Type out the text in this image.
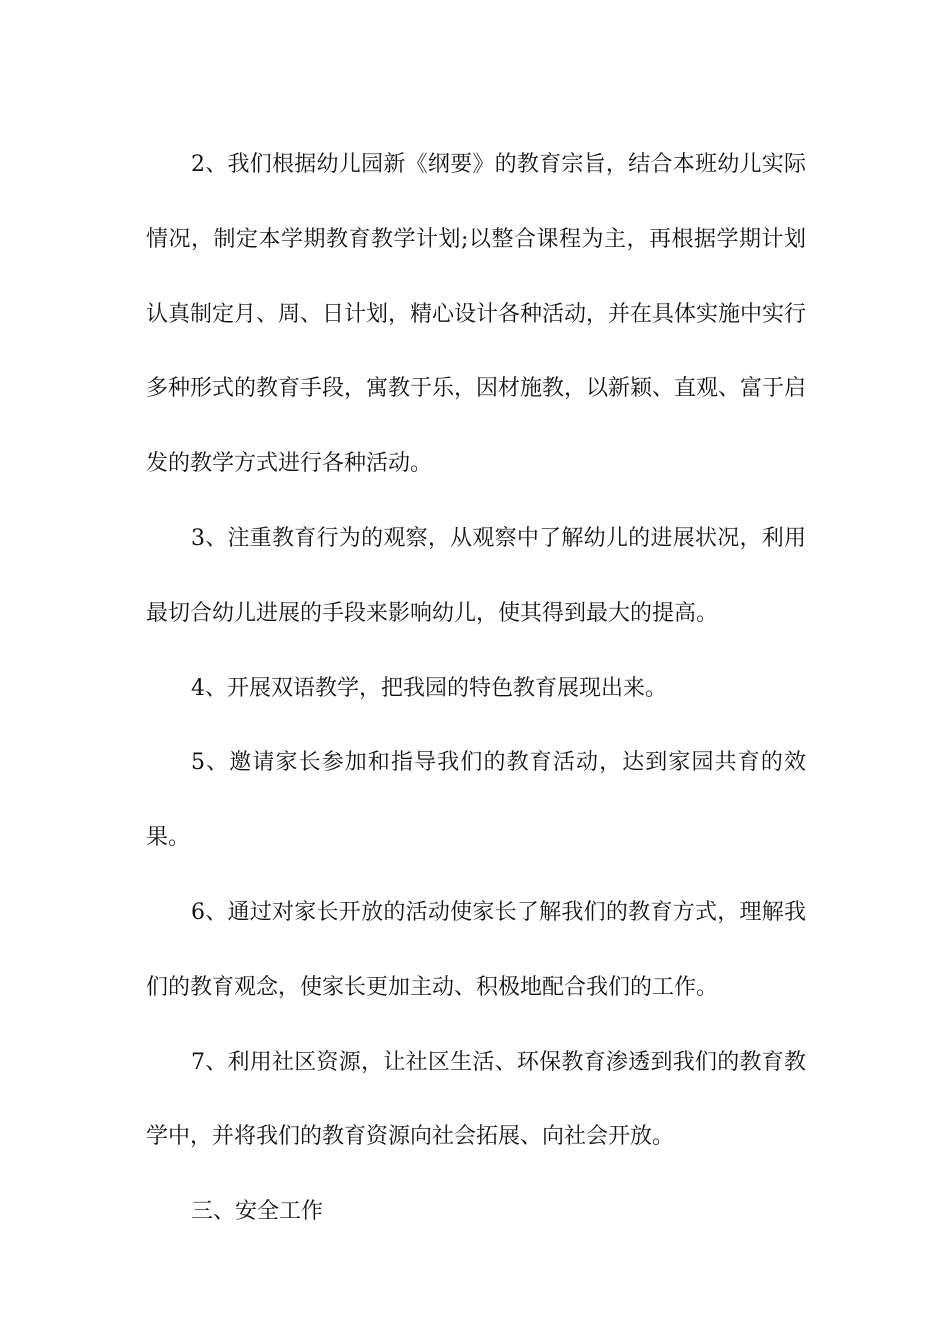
2、我们根据幼儿园新《纲要》的教育宗旨，结合本班幼儿实际情况，制定本学期教育教学计划;以整合课程为主，再根据学期计划认真制定月、周、日计划，精心设计各种活动，并在具体实施中实行多种形式的教育手段，寓教于乐，因材施教，以新颖、直观、富于启发的教学方式进行各种活动。

3、注重教育行为的观察，从观察中了解幼儿的进展状况，利用最切合幼儿进展的手段来影响幼儿，使其得到最大的提高。

4、开展双语教学，把我园的特色教育展现出来。

5、邀请家长参加和指导我们的教育活动，达到家园共育的效果。

6、通过对家长开放的活动使家长了解我们的教育方式，理解我们的教育观念，使家长更加主动、积极地配合我们的工作。

7、利用社区资源，让社区生活、环保教育渗透到我们的教育教学中，并将我们的教育资源向社会拓展、向社会开放。

三、安全工作
